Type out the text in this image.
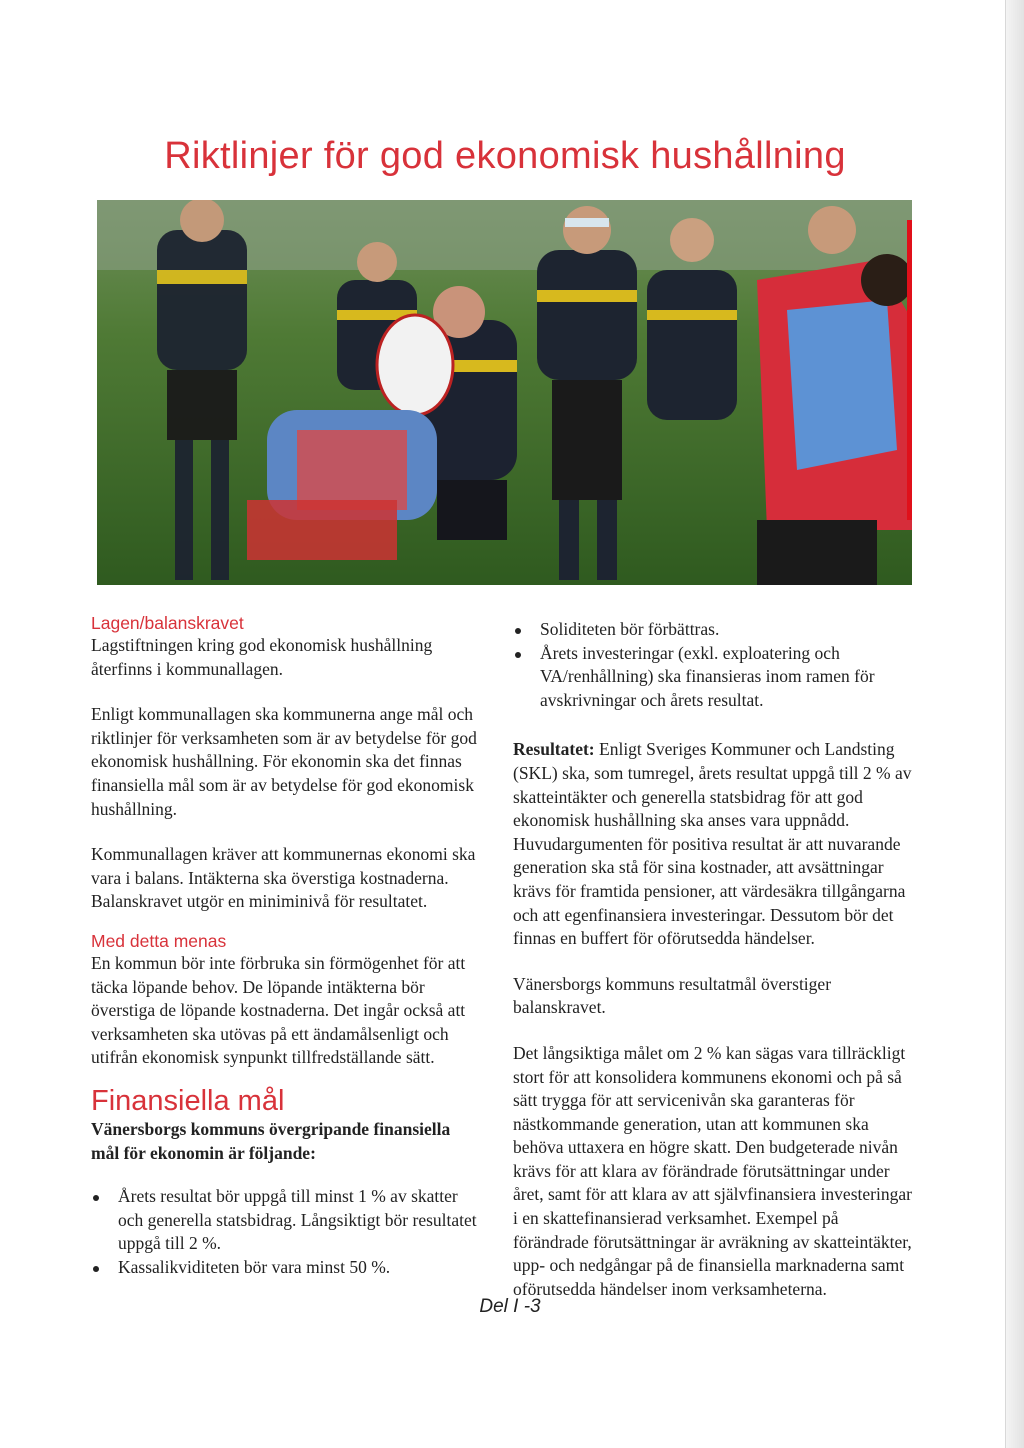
Riktlinjer för god ekonomisk hushållning
Lagen/balanskravet

Lagstiftningen kring god ekonomisk hushållning återfinns i kommunallagen.

Enligt kommunallagen ska kommunerna ange mål och riktlinjer för verksamheten som är av betydelse för god ekonomisk hushållning. För ekonomin ska det finnas finansiella mål som är av betydelse för god ekonomisk hushållning.

Kommunallagen kräver att kommunernas ekonomi ska vara i balans. Intäkterna ska överstiga kostnaderna. Balanskravet utgör en miniminivå för resultatet.

Med detta menas

En kommun bör inte förbruka sin förmögenhet för att täcka löpande behov. De löpande intäkterna bör överstiga de löpande kostnaderna. Det ingår också att verksamheten ska utövas på ett ändamålsenligt och utifrån ekonomisk synpunkt tillfredställande sätt.

Finansiella mål

Vänersborgs kommuns övergripande finansiella mål för ekonomin är följande:

Årets resultat bör uppgå till minst 1 % av skatter och generella statsbidrag. Långsiktigt bör resultatet uppgå till 2 %.
Kassalikviditeten bör vara minst 50 %.
Soliditeten bör förbättras.
Årets investeringar (exkl. exploatering och VA/renhållning) ska finansieras inom ramen för avskrivningar och årets resultat.

Resultatet: Enligt Sveriges Kommuner och Landsting (SKL) ska, som tumregel, årets resultat uppgå till 2 % av skatteintäkter och generella statsbidrag för att god ekonomisk hushållning ska anses vara uppnådd. Huvudargumenten för positiva resultat är att nuvarande generation ska stå för sina kostnader, att avsättningar krävs för framtida pensioner, att värdesäkra tillgångarna och att egenfinansiera investeringar. Dessutom bör det finnas en buffert för oförutsedda händelser.

Vänersborgs kommuns resultatmål överstiger balanskravet.

Det långsiktiga målet om 2 % kan sägas vara tillräckligt stort för att konsolidera kommunens ekonomi och på så sätt trygga för att servicenivån ska garanteras för nästkommande generation, utan att kommunen ska behöva uttaxera en högre skatt. Den budgeterade nivån krävs för att klara av förändrade förutsättningar under året, samt för att klara av att självfinansiera investeringar i en skattefinansierad verksamhet. Exempel på förändrade förutsättningar är avräkning av skatteintäkter, upp- och nedgångar på de finansiella marknaderna samt oförutsedda händelser inom verksamheterna.

Del I -3
